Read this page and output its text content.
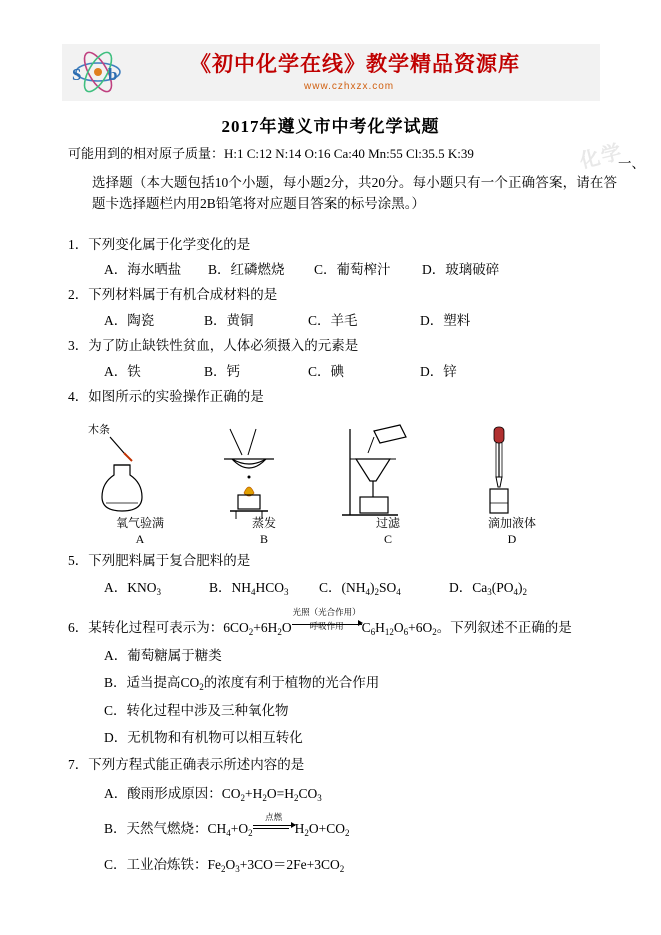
S b	《初中化学在线》教学精品资源库
www.czhxzx.com
2017年遵义市中考化学试题
可能用到的相对原子质量：H:1 C:12 N:14 O:16 Ca:40 Mn:55 Cl:35.5 K:39	化学
一、
选择题（本大题包括10个小题，每小题2分，共20分。每小题只有一个正确答案，请在答题卡选择题栏内用2B铅笔将对应题目答案的标号涂黑。）
1．下列变化属于化学变化的是
A．海水晒盐 B．红磷燃烧 C．葡萄榨汁 D．玻璃破碎
2．下列材料属于有机合成材料的是
A．陶瓷	B．黄铜	C．羊毛	D．塑料
3．为了防止缺铁性贫血，人体必须摄入的元素是
A．铁	B．钙	C．碘	D．锌
4．如图所示的实验操作正确的是
木条
氧气验满
A
蒸发
B
过滤
C
滴加液体
D
5．下列肥料属于复合肥料的是
A．$KNO_3$	B．$NH_4HCO_3$ C．$(NH_4)_2SO_4$	D．$Ca_3(PO_4)_2$
6．某转化过程可表示为：$6CO_2+6H_2O$
光照（光合作用）
呼吸作用	$C_6H_{12}O_6+6O_2$。下列叙述不正确的是
A．葡萄糖属于糖类
B．适当提高$CO_2$的浓度有利于植物的光合作用
C．转化过程中涉及三种氧化物
D．无机物和有机物可以相互转化
7．下列方程式能正确表示所述内容的是
A．酸雨形成原因：$CO_2+H_2O=H_2CO_3$
B．天然气燃烧：$CH_4+O_2$
点燃
$H_2O+CO_2$
C．工业冶炼铁：$Fe_2O_3+3CO=2Fe+3CO_2$
